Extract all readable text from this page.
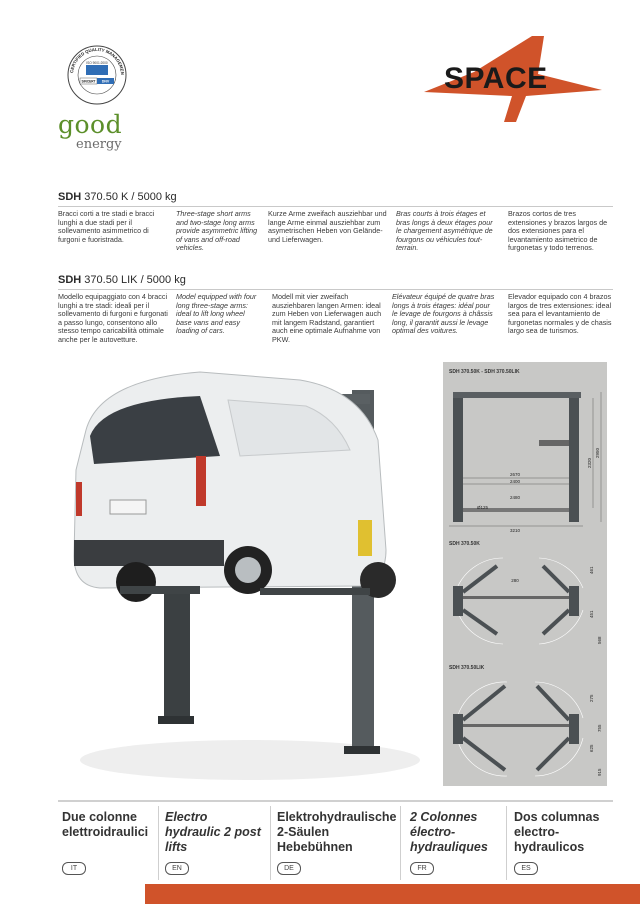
CERTIFIED QUALITY MANAGEMEN
ISO 9001:2000
SINCERT DNV
good
energy
SPACE
SDH 370.50 K / 5000 kg
Bracci corti a tre stadi e bracci lunghi a due stadi per il sollevamento asimmetrico di furgoni e fuoristrada.
Three-stage short arms and two-stage long arms provide asymmetric lifting of vans and off-road vehicles.
Kurze Arme zweifach ausziehbar und lange Arme einmal ausziehbar zum asymetrischen Heben von Gelände-und Lieferwagen.
Bras courts à trois étages et bras longs à deux étages pour le chargement asymétrique de fourgons ou véhicules tout-terrain.
Brazos cortos de tres extensiones y brazos largos de dos extensiones para el levantamiento asimetrico de furgonetas y todo terrenos.
SDH 370.50 LIK / 5000 kg
Modello equipaggiato con 4 bracci lunghi a tre stadi: ideali per il sollevamento di furgoni e furgonati a passo lungo, consentono allo stesso tempo caricabilità ottimale anche per le autovetture.
Model equipped with four long three-stage arms: ideal to lift long wheel base vans and easy loading of cars.
Modell mit vier zweifach ausziehbaren langen Armen: ideal zum Heben von Lieferwagen auch mit langem Radstand, garantiert auch eine optimale Aufnahme von PKW.
Elévateur équipé de quatre bras longs à trois étages: idéal pour le levage de fourgons à châssis long, il garantit aussi le levage optimal des voitures.
Elevador equipado con 4 brazos largos de tres extensiones: ideal sea para el levantamiento de furgonetas normales y de chasis largo sea de turismos.
SDH 370.50K - SDH 370.50LIK
2670
2400
2480
3210
Ø125
2320
2950
SDH 370.50K
280
461
451
568
SDH 370.50LIK
275
625
755
915
Due colonne elettroidraulici
IT
Electro hydraulic 2 post lifts
EN
Elektrohydraulische 2-Säulen Hebebühnen
DE
2 Colonnes électro-hydrauliques
FR
Dos columnas electro-hydraulicos
ES
